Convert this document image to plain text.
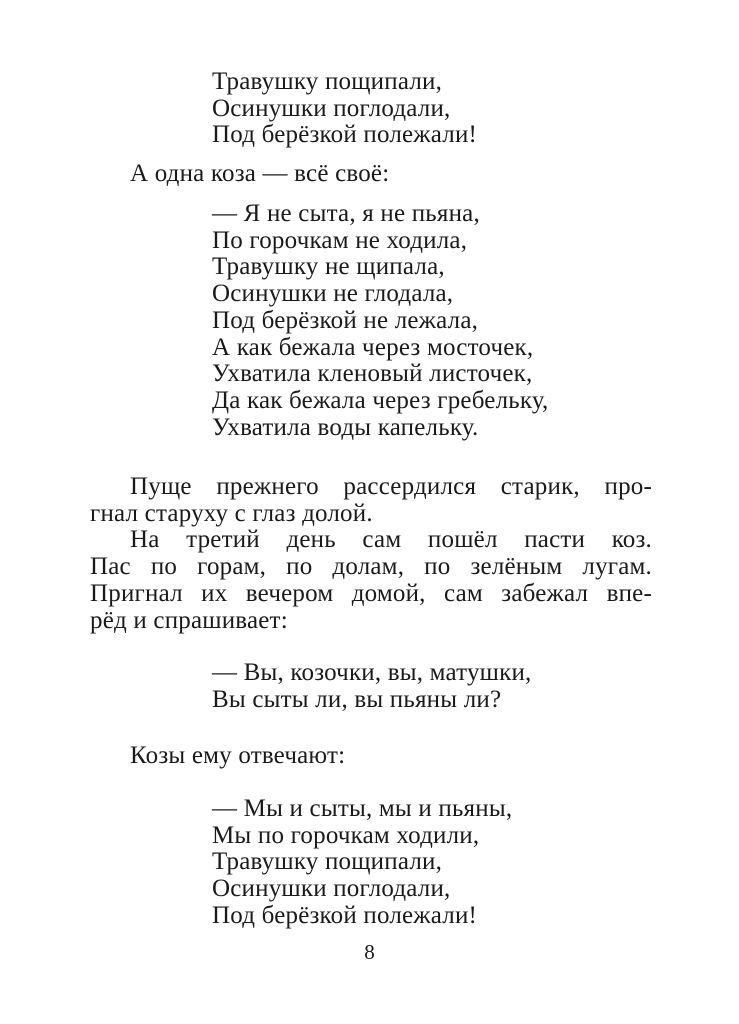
Травушку пощипали,
Осинушки поглодали,
Под берёзкой полежали!
А одна коза — всё своё:
— Я не сыта, я не пьяна,
По горочкам не ходила,
Травушку не щипала,
Осинушки не глодала,
Под берёзкой не лежала,
А как бежала через мосточек,
Ухватила кленовый листочек,
Да как бежала через гребельку,
Ухватила воды капельку.
Пуще прежнего рассердился старик, про-
гнал старуху с глаз долой.
На третий день сам пошёл пасти коз.
Пас по горам, по долам, по зелёным лугам.
Пригнал их вечером домой, сам забежал впе-
рёд и спрашивает:
— Вы, козочки, вы, матушки,
Вы сыты ли, вы пьяны ли?
Козы ему отвечают:
— Мы и сыты, мы и пьяны,
Мы по горочкам ходили,
Травушку пощипали,
Осинушки поглодали,
Под берёзкой полежали!
8
